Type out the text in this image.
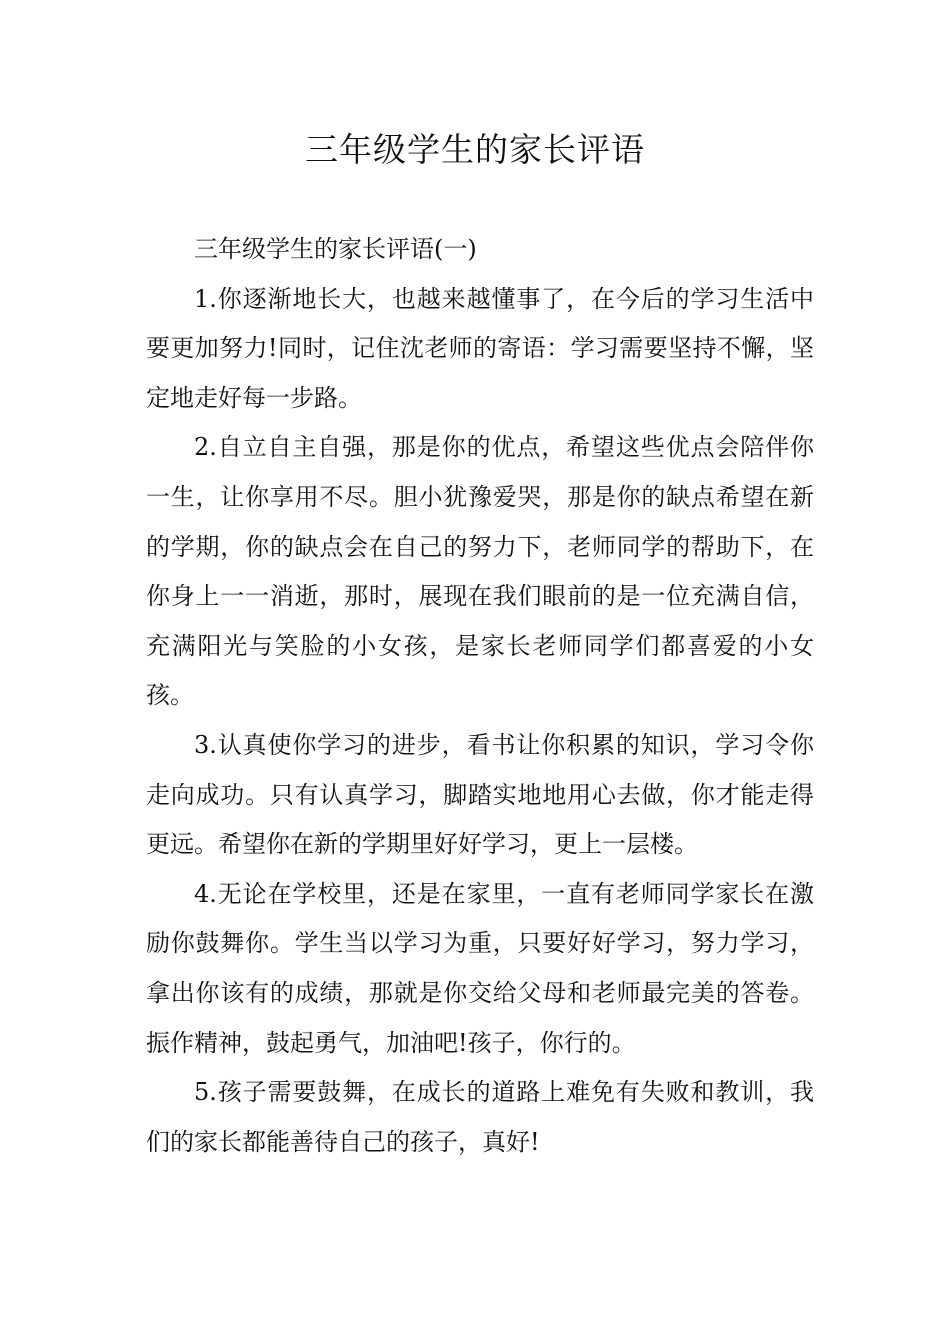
三年级学生的家长评语

三年级学生的家长评语(一)

1.你逐渐地长大，也越来越懂事了，在今后的学习生活中要更加努力!同时，记住沈老师的寄语：学习需要坚持不懈，坚定地走好每一步路。

2.自立自主自强，那是你的优点，希望这些优点会陪伴你一生，让你享用不尽。胆小犹豫爱哭，那是你的缺点希望在新的学期，你的缺点会在自己的努力下，老师同学的帮助下，在你身上一一消逝，那时，展现在我们眼前的是一位充满自信，充满阳光与笑脸的小女孩，是家长老师同学们都喜爱的小女孩。

3.认真使你学习的进步，看书让你积累的知识，学习令你走向成功。只有认真学习，脚踏实地地用心去做，你才能走得更远。希望你在新的学期里好好学习，更上一层楼。

4.无论在学校里，还是在家里，一直有老师同学家长在激励你鼓舞你。学生当以学习为重，只要好好学习，努力学习，拿出你该有的成绩，那就是你交给父母和老师最完美的答卷。振作精神，鼓起勇气，加油吧!孩子，你行的。

5.孩子需要鼓舞，在成长的道路上难免有失败和教训，我们的家长都能善待自己的孩子，真好!
